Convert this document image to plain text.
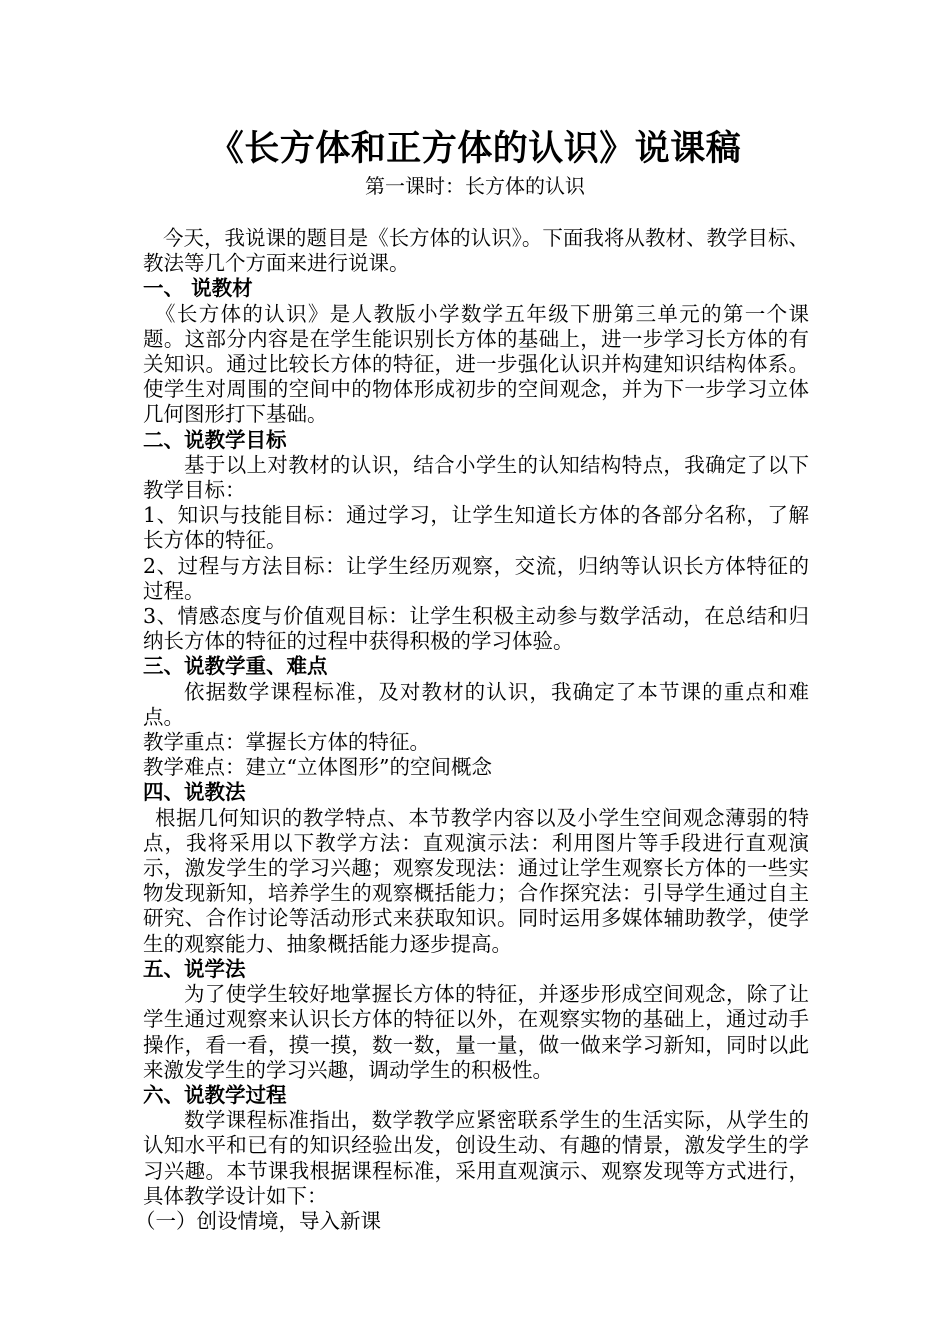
《长方体和正方体的认识》说课稿
第一课时：长方体的认识

今天，我说课的题目是《长方体的认识》。下面我将从教材、教学目标、教法等几个方面来进行说课。

一、 说教材

《长方体的认识》是人教版小学数学五年级下册第三单元的第一个课题。这部分内容是在学生能识别长方体的基础上，进一步学习长方体的有关知识。通过比较长方体的特征，进一步强化认识并构建知识结构体系。使学生对周围的空间中的物体形成初步的空间观念，并为下一步学习立体几何图形打下基础。

二、说教学目标

基于以上对教材的认识，结合小学生的认知结构特点，我确定了以下教学目标：

1、知识与技能目标：通过学习，让学生知道长方体的各部分名称，了解长方体的特征。

2、过程与方法目标：让学生经历观察，交流，归纳等认识长方体特征的过程。

3、情感态度与价值观目标：让学生积极主动参与数学活动，在总结和归纳长方体的特征的过程中获得积极的学习体验。

三、说教学重、难点

依据数学课程标准，及对教材的认识，我确定了本节课的重点和难点。

教学重点：掌握长方体的特征。

教学难点：建立“立体图形”的空间概念

四、说教法

根据几何知识的教学特点、本节教学内容以及小学生空间观念薄弱的特点，我将采用以下教学方法：直观演示法：利用图片等手段进行直观演示，激发学生的学习兴趣；观察发现法：通过让学生观察长方体的一些实物发现新知，培养学生的观察概括能力；合作探究法：引导学生通过自主研究、合作讨论等活动形式来获取知识。同时运用多媒体辅助教学，使学生的观察能力、抽象概括能力逐步提高。

五、说学法

为了使学生较好地掌握长方体的特征，并逐步形成空间观念，除了让学生通过观察来认识长方体的特征以外，在观察实物的基础上，通过动手操作，看一看，摸一摸，数一数，量一量，做一做来学习新知，同时以此来激发学生的学习兴趣，调动学生的积极性。

六、说教学过程

数学课程标准指出，数学教学应紧密联系学生的生活实际，从学生的认知水平和已有的知识经验出发，创设生动、有趣的情景，激发学生的学习兴趣。本节课我根据课程标准，采用直观演示、观察发现等方式进行，具体教学设计如下：

（一）创设情境，导入新课
